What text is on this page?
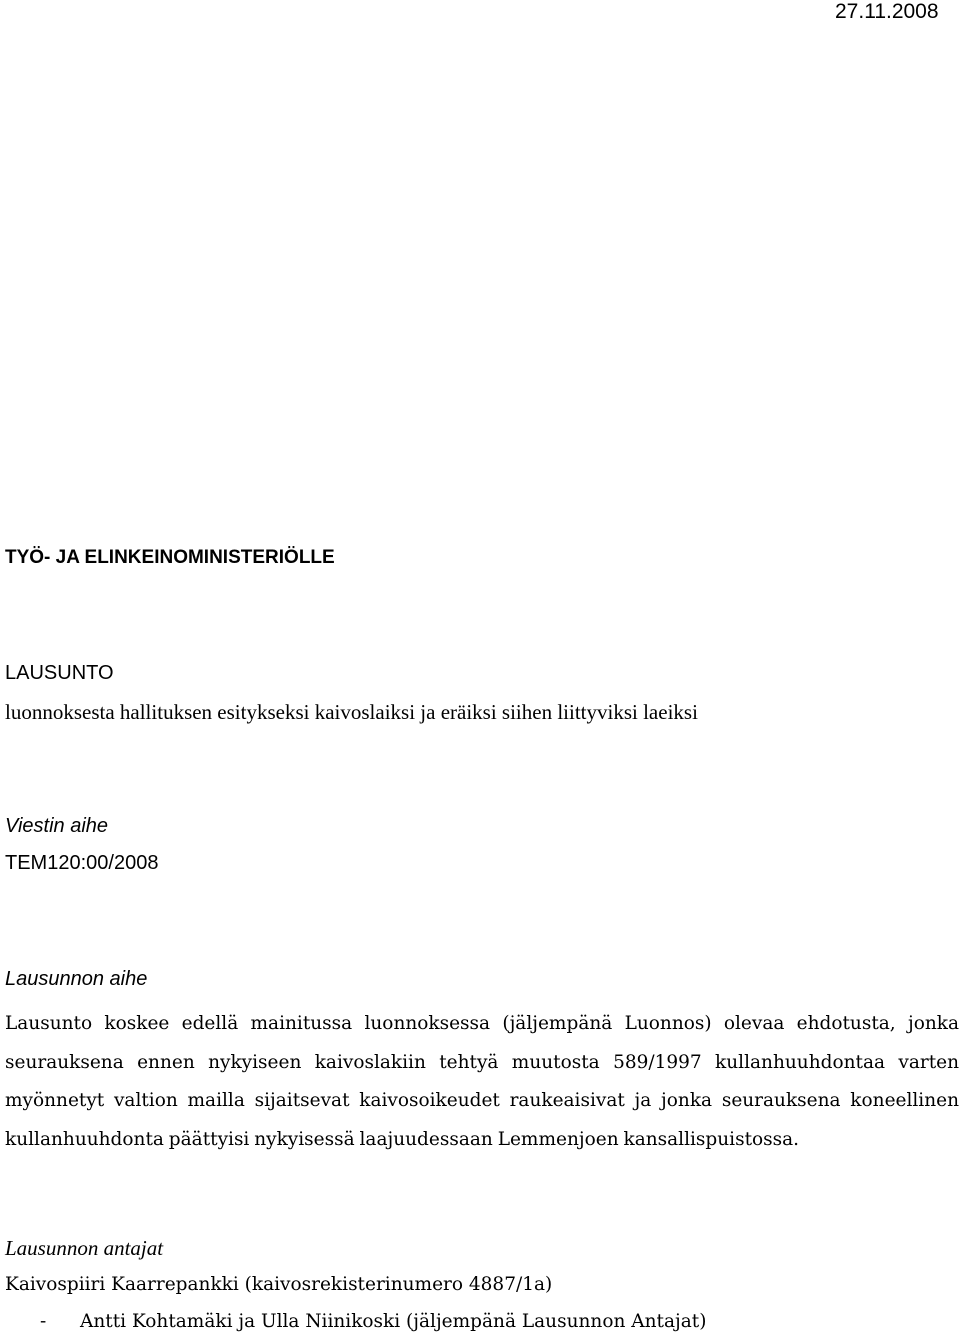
27.11.2008
TYÖ- JA ELINKEINOMINISTERIÖLLE
LAUSUNTO
luonnoksesta hallituksen esitykseksi kaivoslaiksi ja eräiksi siihen liittyviksi laeiksi
Viestin aihe
TEM120:00/2008
Lausunnon aihe
Lausunto koskee edellä mainitussa luonnoksessa (jäljempänä Luonnos) olevaa ehdotusta, jonka seurauksena ennen nykyiseen kaivoslakiin tehtyä muutosta 589/1997 kullanhuuhdontaa varten myönnetyt valtion mailla sijaitsevat kaivosoikeudet raukeaisivat ja jonka seurauksena koneellinen kullanhuuhdonta päättyisi nykyisessä laajuudessaan Lemmenjoen kansallispuistossa.
Lausunnon antajat
Kaivospiiri Kaarrepankki (kaivosrekisterinumero 4887/1a)
- Antti Kohtamäki ja Ulla Niinikoski (jäljempänä Lausunnon Antajat)
